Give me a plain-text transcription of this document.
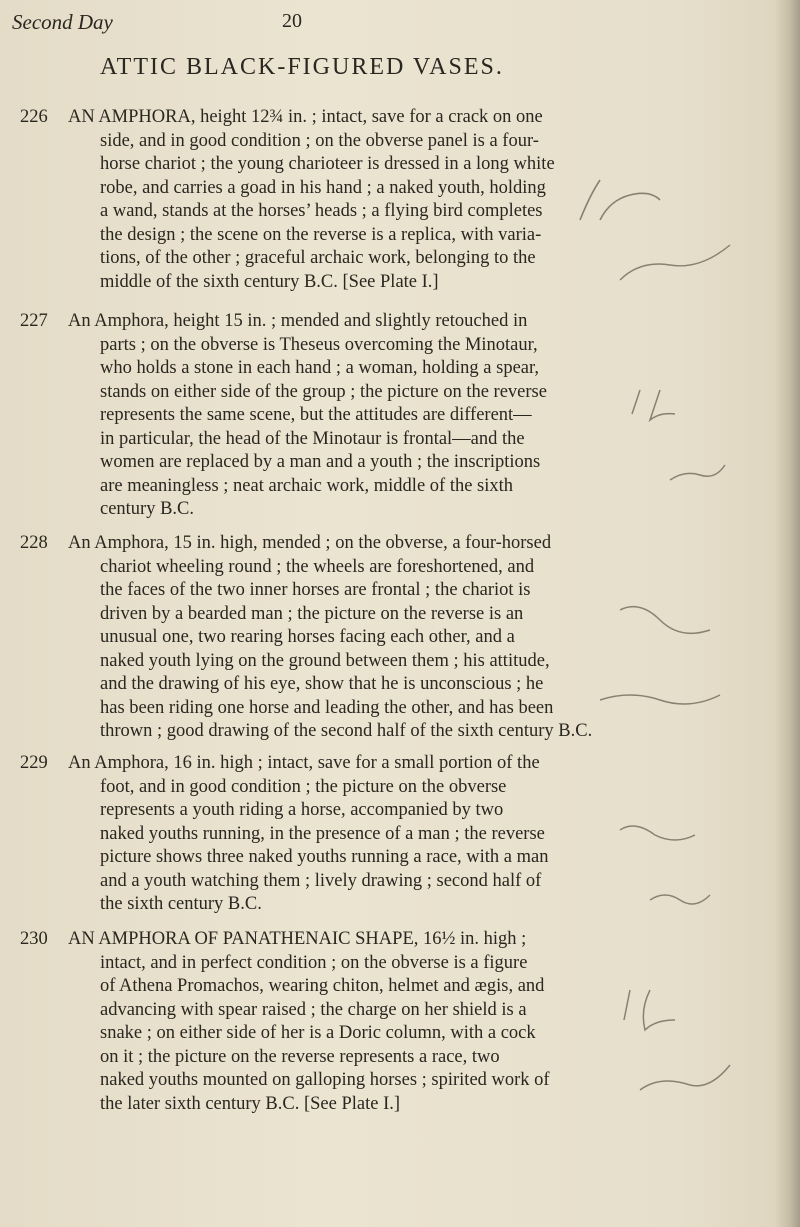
Second Day	20
ATTIC BLACK-FIGURED VASES.
226	AN AMPHORA, height 12¾ in. ; intact, save for a crack on one
side, and in good condition ; on the obverse panel is a four-
horse chariot ; the young charioteer is dressed in a long white
robe, and carries a goad in his hand ; a naked youth, holding
a wand, stands at the horses’ heads ; a flying bird completes
the design ; the scene on the reverse is a replica, with varia-
tions, of the other ; graceful archaic work, belonging to the
middle of the sixth century B.C. [See Plate I.]
227	An Amphora, height 15 in. ; mended and slightly retouched in
parts ; on the obverse is Theseus overcoming the Minotaur,
who holds a stone in each hand ; a woman, holding a spear,
stands on either side of the group ; the picture on the reverse
represents the same scene, but the attitudes are different—
in particular, the head of the Minotaur is frontal—and the
women are replaced by a man and a youth ; the inscriptions
are meaningless ; neat archaic work, middle of the sixth
century B.C.
228	An Amphora, 15 in. high, mended ; on the obverse, a four-horsed
chariot wheeling round ; the wheels are foreshortened, and
the faces of the two inner horses are frontal ; the chariot is
driven by a bearded man ; the picture on the reverse is an
unusual one, two rearing horses facing each other, and a
naked youth lying on the ground between them ; his attitude,
and the drawing of his eye, show that he is unconscious ; he
has been riding one horse and leading the other, and has been
thrown ; good drawing of the second half of the sixth century B.C.
229	An Amphora, 16 in. high ; intact, save for a small portion of the
foot, and in good condition ; the picture on the obverse
represents a youth riding a horse, accompanied by two
naked youths running, in the presence of a man ; the reverse
picture shows three naked youths running a race, with a man
and a youth watching them ; lively drawing ; second half of
the sixth century B.C.
230	AN AMPHORA OF PANATHENAIC SHAPE, 16½ in. high ;
intact, and in perfect condition ; on the obverse is a figure
of Athena Promachos, wearing chiton, helmet and ægis, and
advancing with spear raised ; the charge on her shield is a
snake ; on either side of her is a Doric column, with a cock
on it ; the picture on the reverse represents a race, two
naked youths mounted on galloping horses ; spirited work of
the later sixth century B.C. [See Plate I.]
